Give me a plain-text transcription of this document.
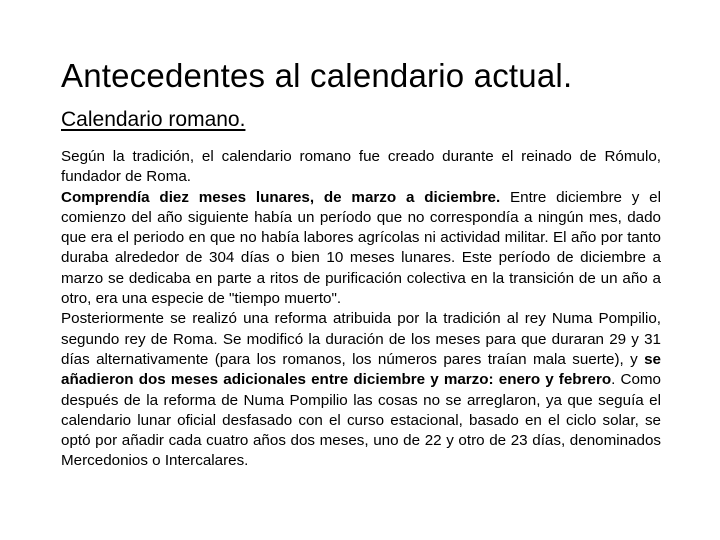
Antecedentes al calendario actual.
Calendario romano.

Según la tradición, el calendario romano fue creado durante el reinado de Rómulo, fundador de Roma.

Comprendía diez meses lunares, de marzo a diciembre. Entre diciembre y el comienzo del año siguiente había un período que no correspondía a ningún mes, dado que era el periodo en que no había labores agrícolas ni actividad militar. El año por tanto duraba alrededor de 304 días o bien 10 meses lunares. Este período de diciembre a marzo se dedicaba en parte a ritos de purificación colectiva en la transición de un año a otro, era una especie de "tiempo muerto".

Posteriormente se realizó una reforma atribuida por la tradición al rey Numa Pompilio, segundo rey de Roma. Se modificó la duración de los meses para que duraran 29 y 31 días alternativamente (para los romanos, los números pares traían mala suerte), y se añadieron dos meses adicionales entre diciembre y marzo: enero y febrero. Como después de la reforma de Numa Pompilio las cosas no se arreglaron, ya que seguía el calendario lunar oficial desfasado con el curso estacional, basado en el ciclo solar, se optó por añadir cada cuatro años dos meses, uno de 22 y otro de 23 días, denominados Mercedonios o Intercalares.
